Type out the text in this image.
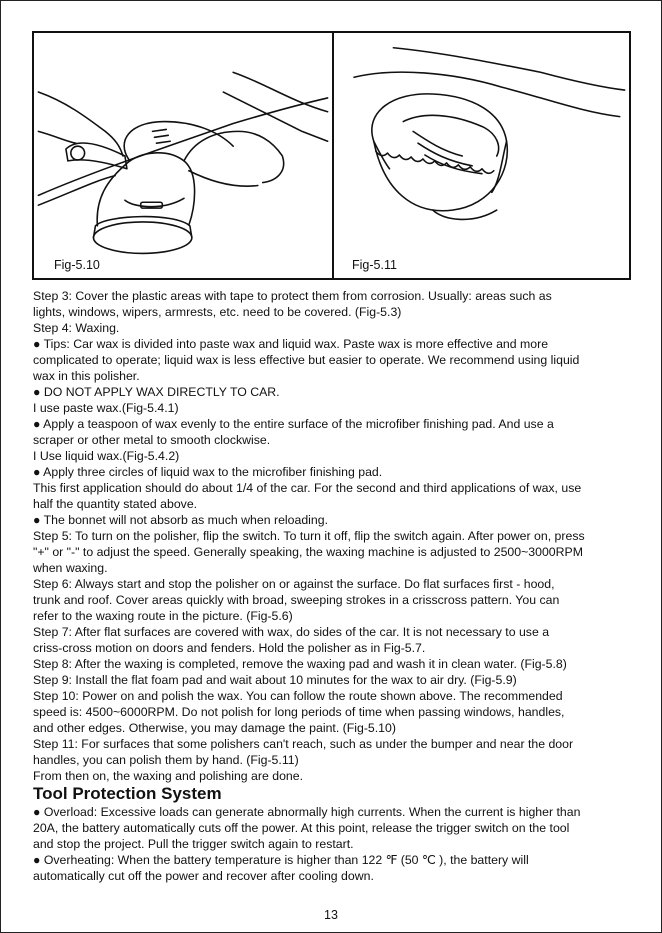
Fig-5.10	Fig-5.11

Step 3: Cover the plastic areas with tape to protect them from corrosion. Usually: areas such as

lights, windows, wipers, armrests, etc. need to be covered. (Fig-5.3)

Step 4: Waxing.

● Tips: Car wax is divided into paste wax and liquid wax. Paste wax is more effective and more

complicated to operate; liquid wax is less effective but easier to operate. We recommend using liquid

wax in this polisher.

● DO NOT APPLY WAX DIRECTLY TO CAR.

I use paste wax.(Fig-5.4.1)

● Apply a teaspoon of wax evenly to the entire surface of the microfiber finishing pad. And use a

scraper or other metal to smooth clockwise.

I Use liquid wax.(Fig-5.4.2)

● Apply three circles of liquid wax to the microfiber finishing pad.

This first application should do about 1/4 of the car. For the second and third applications of wax, use

half the quantity stated above.

● The bonnet will not absorb as much when reloading.

Step 5: To turn on the polisher, flip the switch. To turn it off, flip the switch again. After power on, press

"+" or "-" to adjust the speed. Generally speaking, the waxing machine is adjusted to 2500~3000RPM

when waxing.

Step 6: Always start and stop the polisher on or against the surface. Do flat surfaces first - hood,

trunk and roof. Cover areas quickly with broad, sweeping strokes in a crisscross pattern. You can

refer to the waxing route in the picture. (Fig-5.6)

Step 7: After flat surfaces are covered with wax, do sides of the car. It is not necessary to use a

criss-cross motion on doors and fenders. Hold the polisher as in Fig-5.7.

Step 8: After the waxing is completed, remove the waxing pad and wash it in clean water. (Fig-5.8)

Step 9: Install the flat foam pad and wait about 10 minutes for the wax to air dry. (Fig-5.9)

Step 10: Power on and polish the wax. You can follow the route shown above. The recommended

speed is: 4500~6000RPM. Do not polish for long periods of time when passing windows, handles,

and other edges. Otherwise, you may damage the paint. (Fig-5.10)

Step 11: For surfaces that some polishers can't reach, such as under the bumper and near the door

handles, you can polish them by hand. (Fig-5.11)

From then on, the waxing and polishing are done.

Tool Protection System

● Overload: Excessive loads can generate abnormally high currents. When the current is higher than

20A, the battery automatically cuts off the power. At this point, release the trigger switch on the tool

and stop the project. Pull the trigger switch again to restart.

● Overheating: When the battery temperature is higher than 122 ℉ (50 ℃ ), the battery will

automatically cut off the power and recover after cooling down.

13
